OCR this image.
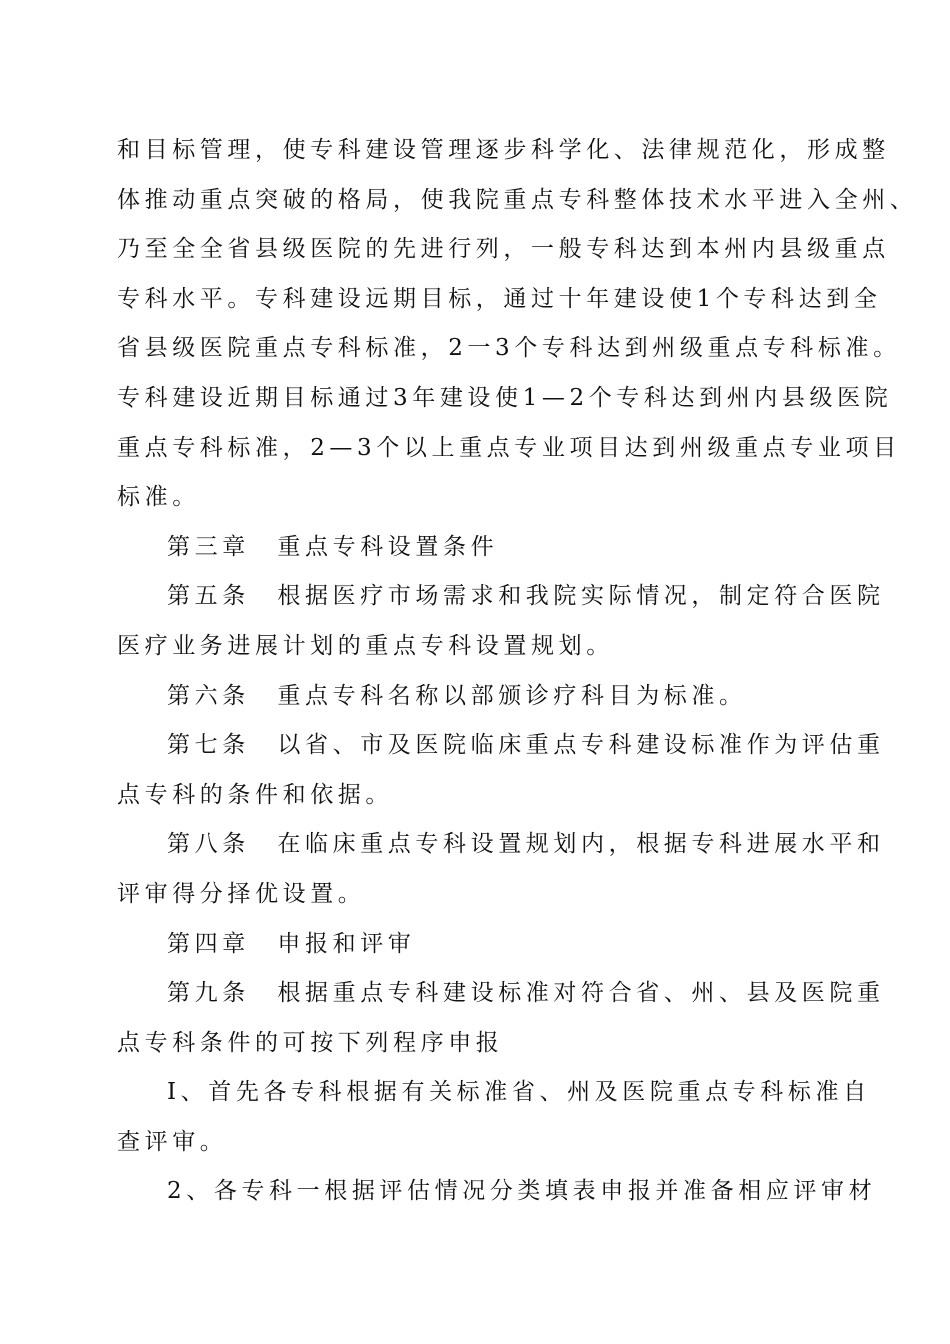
和目标管理，使专科建设管理逐步科学化、法律规范化，形成整
体推动重点突破的格局，使我院重点专科整体技术水平进入全州、
乃至全全省县级医院的先进行列，一般专科达到本州内县级重点
专科水平。专科建设远期目标，通过十年建设使1个专科达到全
省县级医院重点专科标准，2一3个专科达到州级重点专科标准。
专科建设近期目标通过3年建设使1—2个专科达到州内县级医院
重点专科标准，2—3个以上重点专业项目达到州级重点专业项目
标准。
第三章　重点专科设置条件
第五条　根据医疗市场需求和我院实际情况，制定符合医院
医疗业务进展计划的重点专科设置规划。
第六条　重点专科名称以部颁诊疗科目为标准。
第七条　以省、市及医院临床重点专科建设标准作为评估重
点专科的条件和依据。
第八条　在临床重点专科设置规划内，根据专科进展水平和
评审得分择优设置。
第四章　申报和评审
第九条　根据重点专科建设标准对符合省、州、县及医院重
点专科条件的可按下列程序申报
I、首先各专科根据有关标准省、州及医院重点专科标准自
查评审。
2、各专科一根据评估情况分类填表申报并准备相应评审材
